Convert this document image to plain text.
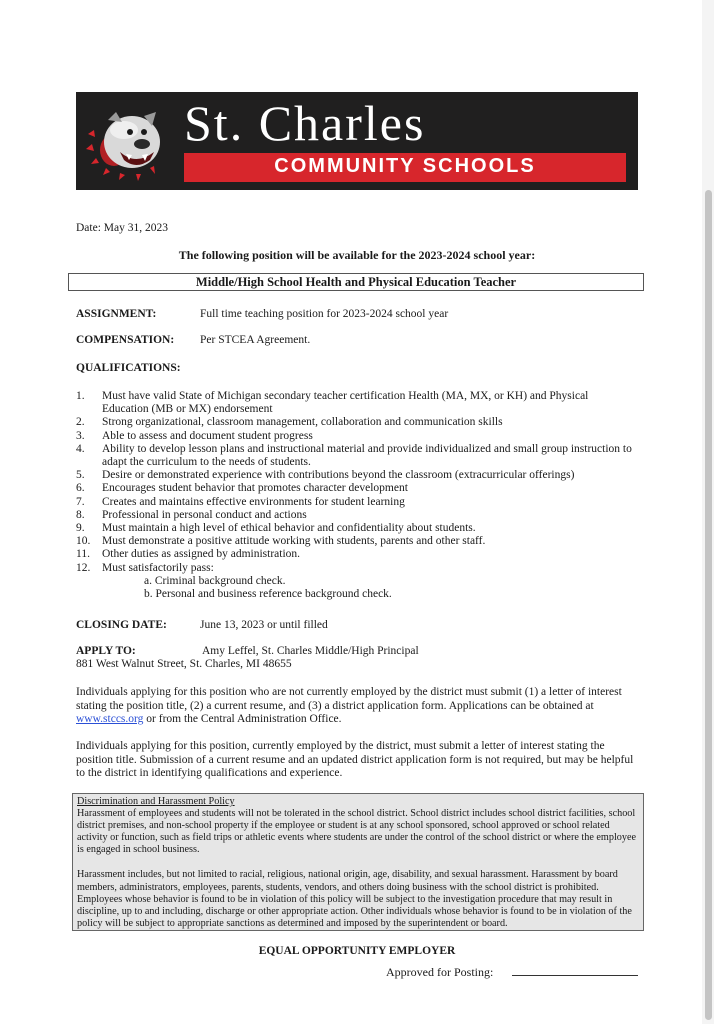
St. Charles
COMMUNITY SCHOOLS
Date: May 31, 2023
The following position will be available for the 2023-2024 school year:
Middle/High School Health and Physical Education Teacher
ASSIGNMENT:	Full time teaching position for 2023-2024 school year
COMPENSATION: Per STCEA Agreement.
QUALIFICATIONS:
1. Must have valid State of Michigan secondary teacher certification Health (MA, MX, or KH) and Physical Education (MB or MX) endorsement
2. Strong organizational, classroom management, collaboration and communication skills
3. Able to assess and document student progress
4. Ability to develop lesson plans and instructional material and provide individualized and small group instruction to adapt the curriculum to the needs of students.
5. Desire or demonstrated experience with contributions beyond the classroom (extracurricular offerings)
6. Encourages student behavior that promotes character development
7. Creates and maintains effective environments for student learning
8. Professional in personal conduct and actions
9. Must maintain a high level of ethical behavior and confidentiality about students.
10. Must demonstrate a positive attitude working with students, parents and other staff.
11. Other duties as assigned by administration.
12. Must satisfactorily pass:
a. Criminal background check.
b. Personal and business reference background check.
CLOSING DATE:	June 13, 2023 or until filled
APPLY TO:	Amy Leffel, St. Charles Middle/High Principal
881 West Walnut Street, St. Charles, MI 48655
Individuals applying for this position who are not currently employed by the district must submit (1) a letter of interest stating the position title, (2) a current resume, and (3) a district application form. Applications can be obtained at www.stccs.org or from the Central Administration Office.
Individuals applying for this position, currently employed by the district, must submit a letter of interest stating the position title. Submission of a current resume and an updated district application form is not required, but may be helpful to the district in identifying qualifications and experience.
Discrimination and Harassment Policy
Harassment of employees and students will not be tolerated in the school district. School district includes school district facilities, school district premises, and non-school property if the employee or student is at any school sponsored, school approved or school related activity or function, such as field trips or athletic events where students are under the control of the school district or where the employee is engaged in school business.
Harassment includes, but not limited to racial, religious, national origin, age, disability, and sexual harassment. Harassment by board members, administrators, employees, parents, students, vendors, and others doing business with the school district is prohibited. Employees whose behavior is found to be in violation of this policy will be subject to the investigation procedure that may result in discipline, up to and including, discharge or other appropriate action. Other individuals whose behavior is found to be in violation of the policy will be subject to appropriate sanctions as determined and imposed by the superintendent or board.
EQUAL OPPORTUNITY EMPLOYER
Approved for Posting:
